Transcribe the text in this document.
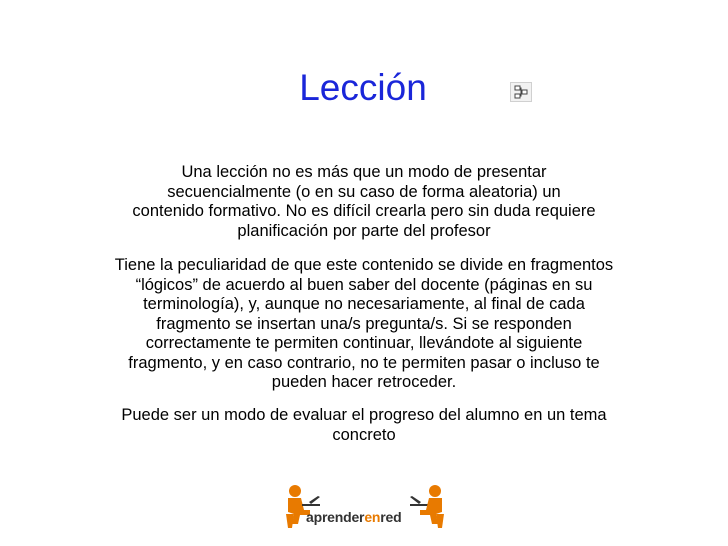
Lección

Una lección no es más que un modo de presentar secuencialmente (o en su caso de forma aleatoria) un contenido formativo. No es difícil crearla pero sin duda requiere planificación por parte del profesor

Tiene la peculiaridad de que este contenido se divide en fragmentos “lógicos” de acuerdo al buen saber del docente (páginas en su terminología), y, aunque no necesariamente, al final de cada fragmento se insertan una/s pregunta/s. Si se responden correctamente te permiten continuar, llevándote al siguiente fragmento, y en caso contrario, no te permiten pasar o incluso te pueden hacer retroceder.

Puede ser un modo de evaluar el progreso del alumno en un tema concreto

aprenderenred
